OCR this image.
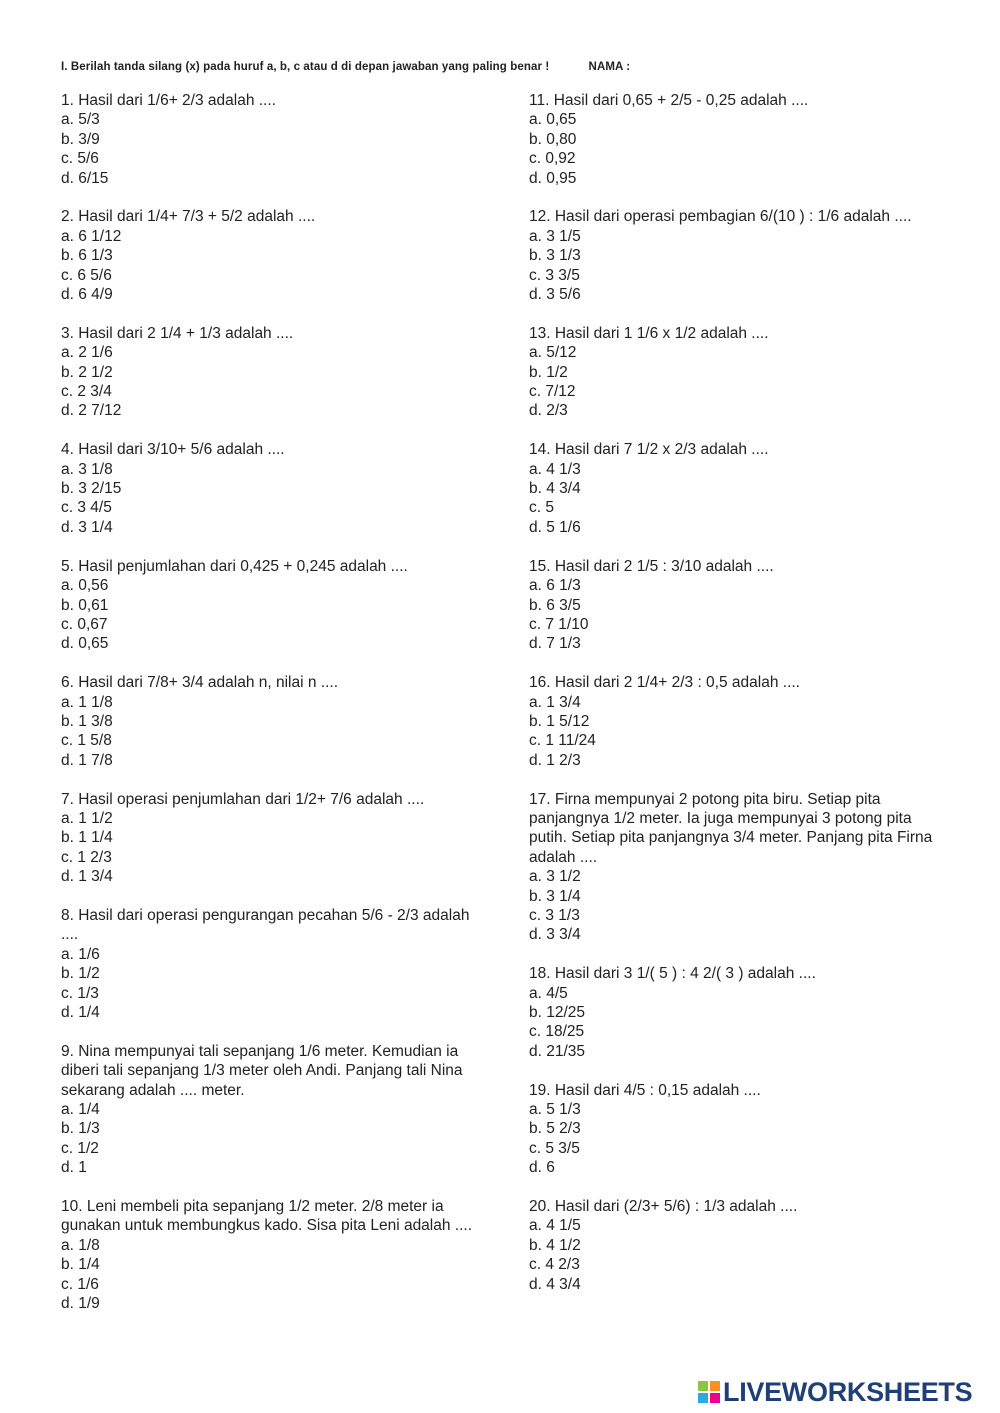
I. Berilah tanda silang (x) pada huruf a, b, c atau d di depan jawaban yang paling benar !	NAMA :
1. Hasil dari 1/6+ 2/3 adalah ....
a. 5/3
b. 3/9
c. 5/6
d. 6/15
2. Hasil dari 1/4+ 7/3 + 5/2 adalah ....
a. 6 1/12
b. 6 1/3
c. 6 5/6
d. 6 4/9
3. Hasil dari 2 1/4 + 1/3 adalah ....
a. 2 1/6
b. 2 1/2
c. 2 3/4
d. 2 7/12
4. Hasil dari 3/10+ 5/6 adalah ....
a. 3 1/8
b. 3 2/15
c. 3 4/5
d. 3 1/4
5. Hasil penjumlahan dari 0,425 + 0,245 adalah ....
a. 0,56
b. 0,61
c. 0,67
d. 0,65
6. Hasil dari 7/8+ 3/4 adalah n, nilai n ....
a. 1 1/8
b. 1 3/8
c. 1 5/8
d. 1 7/8
7. Hasil operasi penjumlahan dari 1/2+ 7/6 adalah ....
a. 1 1/2
b. 1 1/4
c. 1 2/3
d. 1 3/4
8. Hasil dari operasi pengurangan pecahan 5/6 - 2/3 adalah ....
a. 1/6
b. 1/2
c. 1/3
d. 1/4
9. Nina mempunyai tali sepanjang 1/6 meter. Kemudian ia diberi tali sepanjang 1/3 meter oleh Andi. Panjang tali Nina sekarang adalah .... meter.
a. 1/4
b. 1/3
c. 1/2
d. 1
10. Leni membeli pita sepanjang 1/2 meter. 2/8 meter ia gunakan untuk membungkus kado. Sisa pita Leni adalah ....
a. 1/8
b. 1/4
c. 1/6
d. 1/9
11. Hasil dari 0,65 + 2/5 - 0,25 adalah ....
a. 0,65
b. 0,80
c. 0,92
d. 0,95
12. Hasil dari operasi pembagian 6/(10 ) : 1/6 adalah ....
a. 3 1/5
b. 3 1/3
c. 3 3/5
d. 3 5/6
13. Hasil dari 1 1/6 x 1/2 adalah ....
a. 5/12
b. 1/2
c. 7/12
d. 2/3
14. Hasil dari 7 1/2 x 2/3 adalah ....
a. 4 1/3
b. 4 3/4
c. 5
d. 5 1/6
15. Hasil dari 2 1/5 : 3/10 adalah ....
a. 6 1/3
b. 6 3/5
c. 7 1/10
d. 7 1/3
16. Hasil dari 2 1/4+ 2/3 : 0,5 adalah ....
a. 1 3/4
b. 1 5/12
c. 1 11/24
d. 1 2/3
17. Firna mempunyai 2 potong pita biru. Setiap pita panjangnya 1/2 meter. Ia juga mempunyai 3 potong pita putih. Setiap pita panjangnya 3/4 meter. Panjang pita Firna adalah ....
a. 3 1/2
b. 3 1/4
c. 3 1/3
d. 3 3/4
18. Hasil dari 3 1/( 5 ) : 4 2/( 3 ) adalah ....
a. 4/5
b. 12/25
c. 18/25
d. 21/35
19. Hasil dari 4/5 : 0,15 adalah ....
a. 5 1/3
b. 5 2/3
c. 5 3/5
d. 6
20. Hasil dari (2/3+ 5/6) : 1/3 adalah ....
a. 4 1/5
b. 4 1/2
c. 4 2/3
d. 4 3/4
LIVEWORKSHEETS
